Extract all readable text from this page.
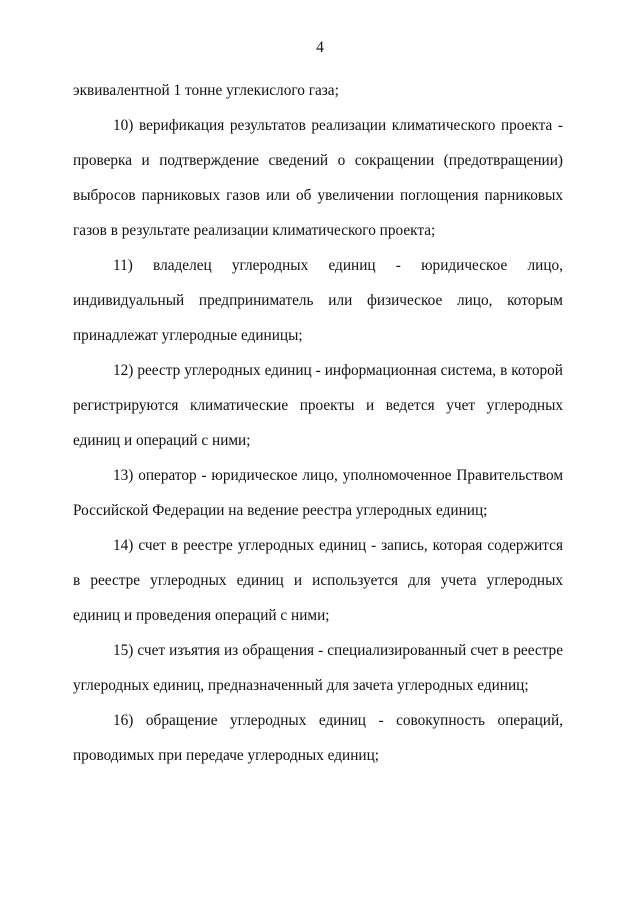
4

эквивалентной 1 тонне углекислого газа;

10) верификация результатов реализации климатического проекта - проверка и подтверждение сведений о сокращении (предотвращении) выбросов парниковых газов или об увеличении поглощения парниковых газов в результате реализации климатического проекта;

11) владелец углеродных единиц - юридическое лицо, индивидуальный предприниматель или физическое лицо, которым принадлежат углеродные единицы;

12) реестр углеродных единиц - информационная система, в которой регистрируются климатические проекты и ведется учет углеродных единиц и операций с ними;

13) оператор - юридическое лицо, уполномоченное Правительством Российской Федерации на ведение реестра углеродных единиц;

14) счет в реестре углеродных единиц - запись, которая содержится в реестре углеродных единиц и используется для учета углеродных единиц и проведения операций с ними;

15) счет изъятия из обращения - специализированный счет в реестре углеродных единиц, предназначенный для зачета углеродных единиц;

16) обращение углеродных единиц - совокупность операций, проводимых при передаче углеродных единиц;
